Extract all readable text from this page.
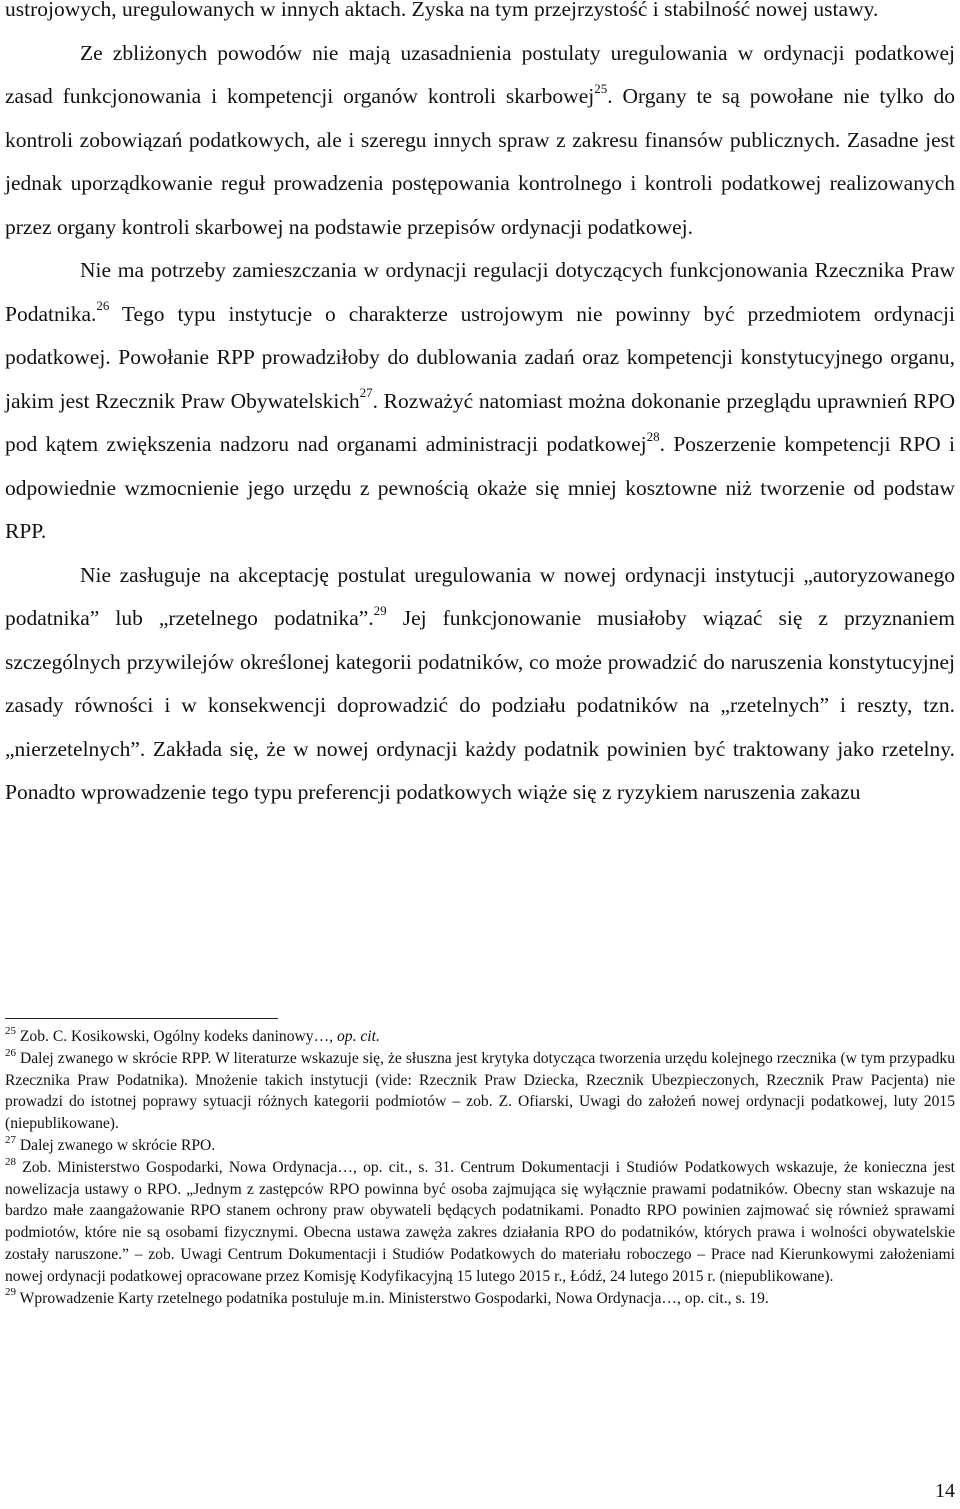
ustrojowych, uregulowanych w innych aktach. Zyska na tym przejrzystość i stabilność nowej ustawy.

Ze zbliżonych powodów nie mają uzasadnienia postulaty uregulowania w ordynacji podatkowej zasad funkcjonowania i kompetencji organów kontroli skarbowej$^{25}$. Organy te są powołane nie tylko do kontroli zobowiązań podatkowych, ale i szeregu innych spraw z zakresu finansów publicznych. Zasadne jest jednak uporządkowanie reguł prowadzenia postępowania kontrolnego i kontroli podatkowej realizowanych przez organy kontroli skarbowej na podstawie przepisów ordynacji podatkowej.

Nie ma potrzeby zamieszczania w ordynacji regulacji dotyczących funkcjonowania Rzecznika Praw Podatnika.$^{26}$ Tego typu instytucje o charakterze ustrojowym nie powinny być przedmiotem ordynacji podatkowej. Powołanie RPP prowadziłoby do dublowania zadań oraz kompetencji konstytucyjnego organu, jakim jest Rzecznik Praw Obywatelskich$^{27}$. Rozważyć natomiast można dokonanie przeglądu uprawnień RPO pod kątem zwiększenia nadzoru nad organami administracji podatkowej$^{28}$. Poszerzenie kompetencji RPO i odpowiednie wzmocnienie jego urzędu z pewnością okaże się mniej kosztowne niż tworzenie od podstaw RPP.

Nie zasługuje na akceptację postulat uregulowania w nowej ordynacji instytucji „autoryzowanego podatnika” lub „rzetelnego podatnika”.$^{29}$ Jej funkcjonowanie musiałoby wiązać się z przyznaniem szczególnych przywilejów określonej kategorii podatników, co może prowadzić do naruszenia konstytucyjnej zasady równości i w konsekwencji doprowadzić do podziału podatników na „rzetelnych” i reszty, tzn. „nierzetelnych”. Zakłada się, że w nowej ordynacji każdy podatnik powinien być traktowany jako rzetelny. Ponadto wprowadzenie tego typu preferencji podatkowych wiąże się z ryzykiem naruszenia zakazu

$^{25}$ Zob. C. Kosikowski, Ogólny kodeks daninowy…, op. cit.

$^{26}$ Dalej zwanego w skrócie RPP. W literaturze wskazuje się, że słuszna jest krytyka dotycząca tworzenia urzędu kolejnego rzecznika (w tym przypadku Rzecznika Praw Podatnika). Mnożenie takich instytucji (vide: Rzecznik Praw Dziecka, Rzecznik Ubezpieczonych, Rzecznik Praw Pacjenta) nie prowadzi do istotnej poprawy sytuacji różnych kategorii podmiotów – zob. Z. Ofiarski, Uwagi do założeń nowej ordynacji podatkowej, luty 2015 (niepublikowane).

$^{27}$ Dalej zwanego w skrócie RPO.

$^{28}$ Zob. Ministerstwo Gospodarki, Nowa Ordynacja…, op. cit., s. 31. Centrum Dokumentacji i Studiów Podatkowych wskazuje, że konieczna jest nowelizacja ustawy o RPO. „Jednym z zastępców RPO powinna być osoba zajmująca się wyłącznie prawami podatników. Obecny stan wskazuje na bardzo małe zaangażowanie RPO stanem ochrony praw obywateli będących podatnikami. Ponadto RPO powinien zajmować się również sprawami podmiotów, które nie są osobami fizycznymi. Obecna ustawa zawęża zakres działania RPO do podatników, których prawa i wolności obywatelskie zostały naruszone.” – zob. Uwagi Centrum Dokumentacji i Studiów Podatkowych do materiału roboczego – Prace nad Kierunkowymi założeniami nowej ordynacji podatkowej opracowane przez Komisję Kodyfikacyjną 15 lutego 2015 r., Łódź, 24 lutego 2015 r. (niepublikowane).

$^{29}$ Wprowadzenie Karty rzetelnego podatnika postuluje m.in. Ministerstwo Gospodarki, Nowa Ordynacja…, op. cit., s. 19.

14
